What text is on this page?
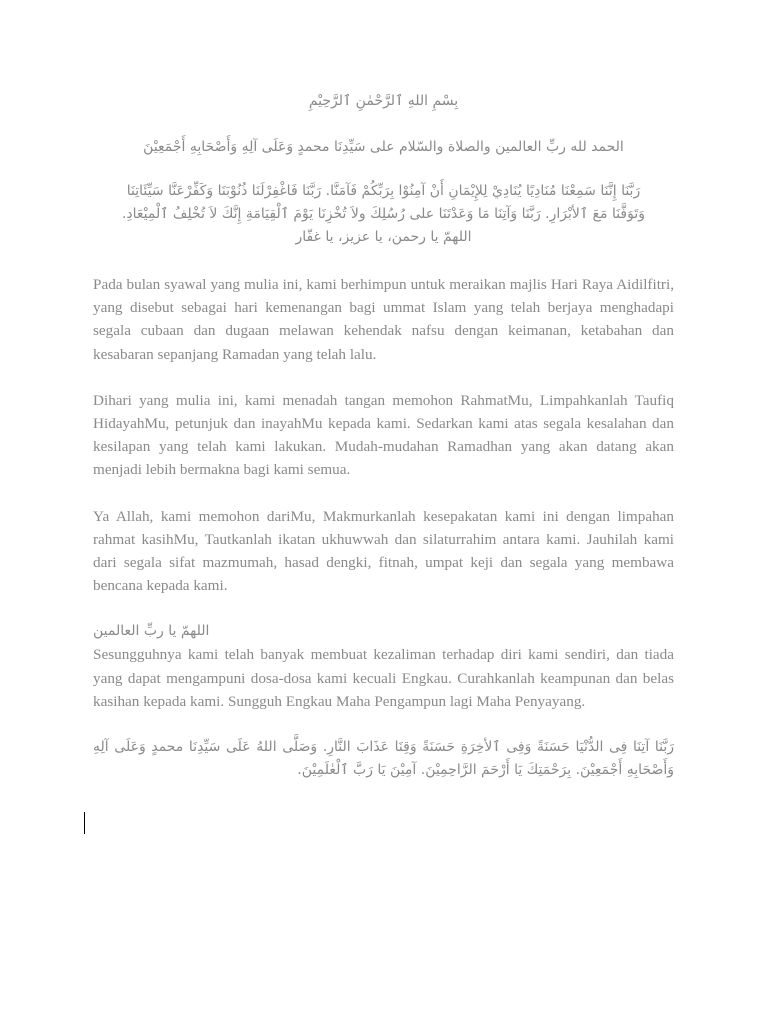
بِسْمِ اللهِ ٱلرَّحْمٰنِ ٱلرَّحِيْمِ

الحمد لله ربِّ العالمين والصلاة والسّلام على سَيِّدِنَا محمدٍ وَعَلَى آلِهِ وَأَصْحَابِهِ أَجْمَعِيْنَ

رَبَّنَا إِنَّنَا سَمِعْنَا مُنَادِيًا يُنَادِيْ لِلإِيْمَانِ أَنْ آمِنُوْا بِرَبِّكُمْ فَآمَنَّا. رَبَّنَا فَاغْفِرْلَنَا ذُنُوْبَنَا وَكَفِّرْعَنَّا سَيِّئَاتِنَا
وَتَوَفَّنَا مَعَ ٱلأبْرَارِ. رَبَّنَا وَآتِنَا مَا وَعَدْتَنَا على رُسُلِكَ ولاَ تُخْزِنَا يَوْمَ ٱلْقِيَامَةِ إِنَّكَ لاَ تُخْلِفُ ٱلْمِيْعَادِ.
اللهمّ يا رحمن، يا عزيز، يا غفّار

Pada bulan syawal yang mulia ini, kami berhimpun untuk meraikan majlis Hari Raya Aidilfitri, yang disebut sebagai hari kemenangan bagi ummat Islam yang telah berjaya menghadapi segala cubaan dan dugaan melawan kehendak nafsu dengan keimanan, ketabahan dan kesabaran sepanjang Ramadan yang telah lalu.

Dihari yang mulia ini, kami menadah tangan memohon RahmatMu, Limpahkanlah Taufiq HidayahMu, petunjuk dan inayahMu kepada kami. Sedarkan kami atas segala kesalahan dan kesilapan yang telah kami lakukan. Mudah-mudahan Ramadhan yang akan datang akan menjadi lebih bermakna bagi kami semua.

Ya Allah, kami memohon dariMu, Makmurkanlah kesepakatan kami ini dengan limpahan rahmat kasihMu, Tautkanlah ikatan ukhuwwah dan silaturrahim antara kami. Jauhilah kami dari segala sifat mazmumah, hasad dengki, fitnah, umpat keji dan segala yang membawa bencana kepada kami.

اللهمّ يا ربِّ العالمين

Sesungguhnya kami telah banyak membuat kezaliman terhadap diri kami sendiri, dan tiada yang dapat mengampuni dosa-dosa kami kecuali Engkau. Curahkanlah keampunan dan belas kasihan kepada kami. Sungguh Engkau Maha Pengampun lagi Maha Penyayang.

رَبَّنَا آتِنَا فِى الدُّنْيَا حَسَنَةً وَفِى ٱلأخِرَةِ حَسَنَةً وَقِنَا عَذَابَ النَّارِ. وَصَلَّى اللهُ عَلَى سَيِّدِنَا محمدٍ وَعَلَى آلِهِ وَأَصْحَابِهِ أَجْمَعِيْنَ. بِرَحْمَتِكَ يَا أَرْحَمَ الرَّاحِمِيْنَ. آمِيْنَ يَا رَبَّ ٱلْعٰلَمِيْنَ.
